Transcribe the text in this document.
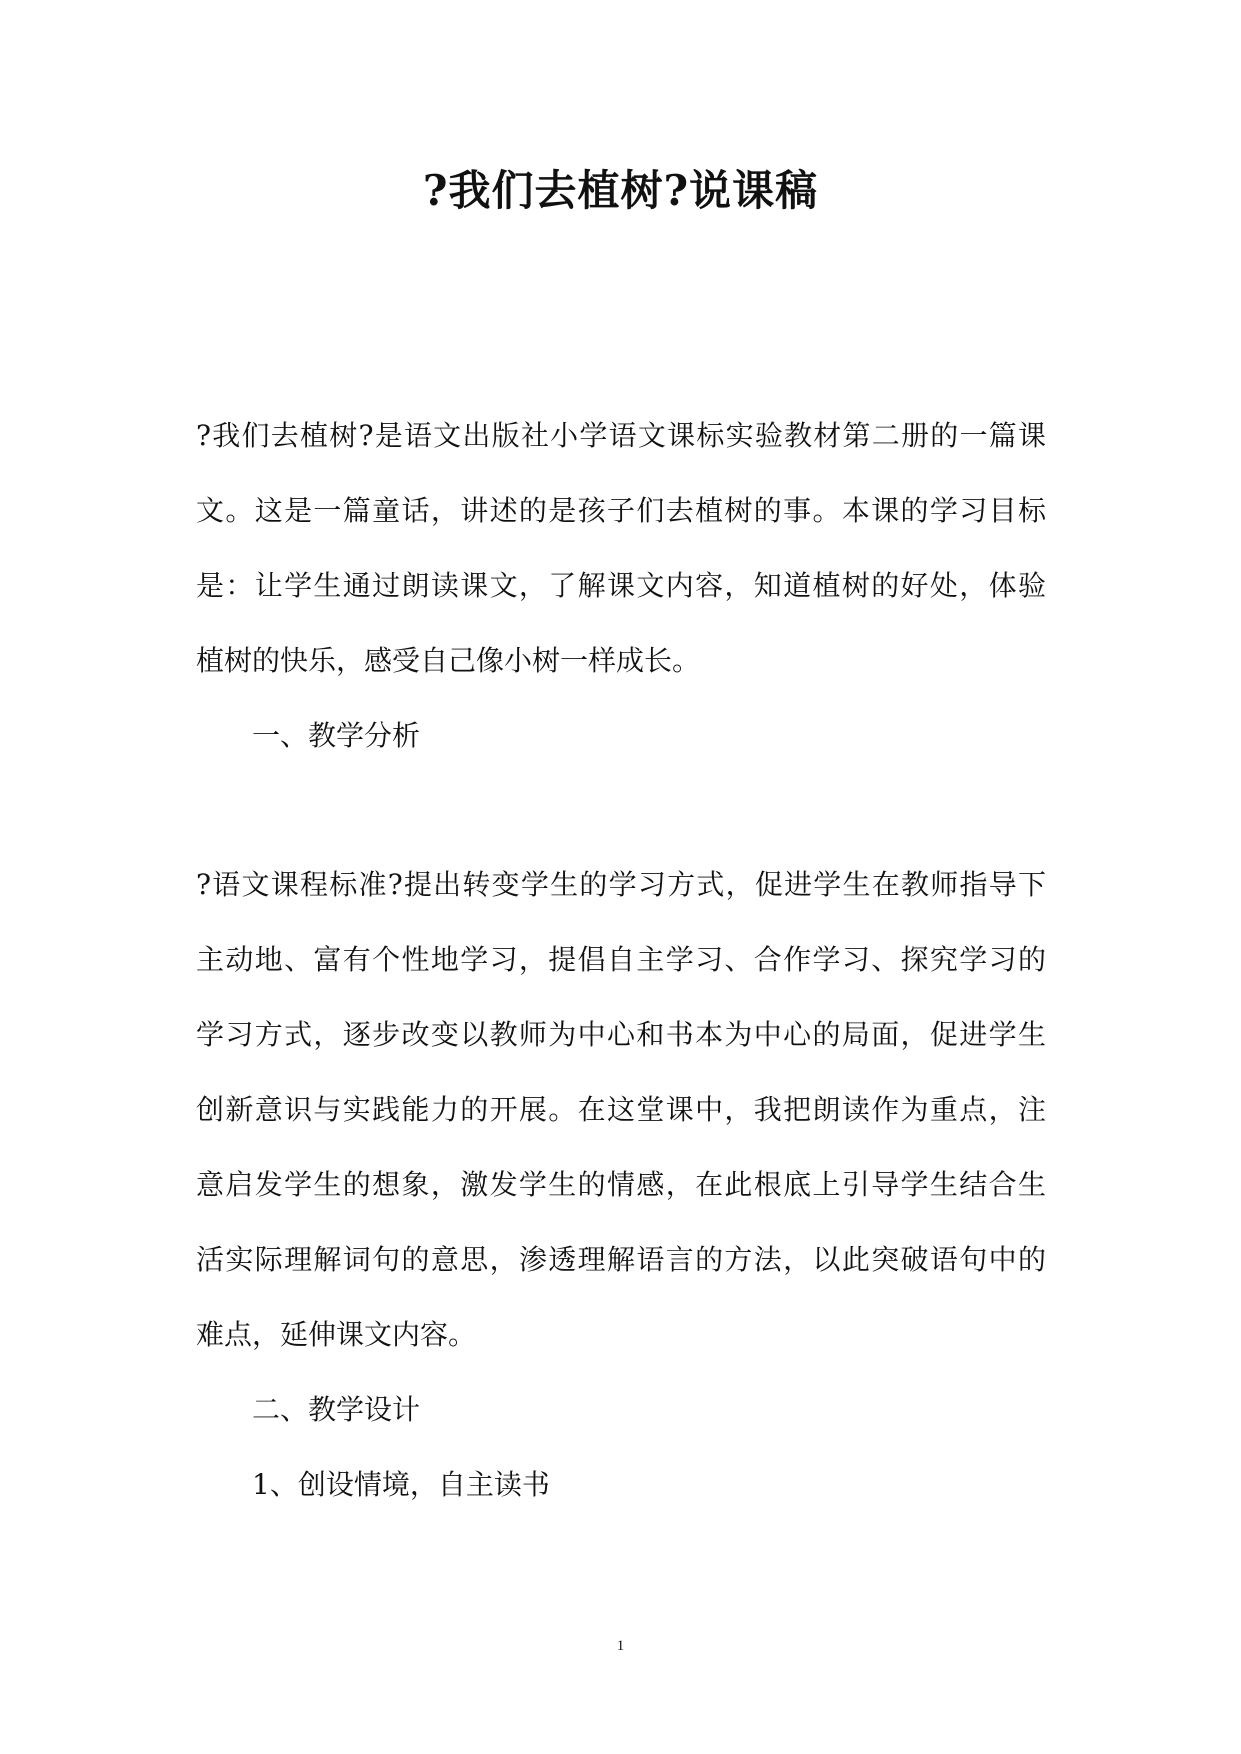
?我们去植树?说课稿
?我们去植树?是语文出版社小学语文课标实验教材第二册的一篇课
文。这是一篇童话，讲述的是孩子们去植树的事。本课的学习目标
是：让学生通过朗读课文，了解课文内容，知道植树的好处，体验
植树的快乐，感受自己像小树一样成长。
一、教学分析
?语文课程标准?提出转变学生的学习方式，促进学生在教师指导下
主动地、富有个性地学习，提倡自主学习、合作学习、探究学习的
学习方式，逐步改变以教师为中心和书本为中心的局面，促进学生
创新意识与实践能力的开展。在这堂课中，我把朗读作为重点，注
意启发学生的想象，激发学生的情感，在此根底上引导学生结合生
活实际理解词句的意思，渗透理解语言的方法，以此突破语句中的
难点，延伸课文内容。
二、教学设计
1、创设情境，自主读书
1
